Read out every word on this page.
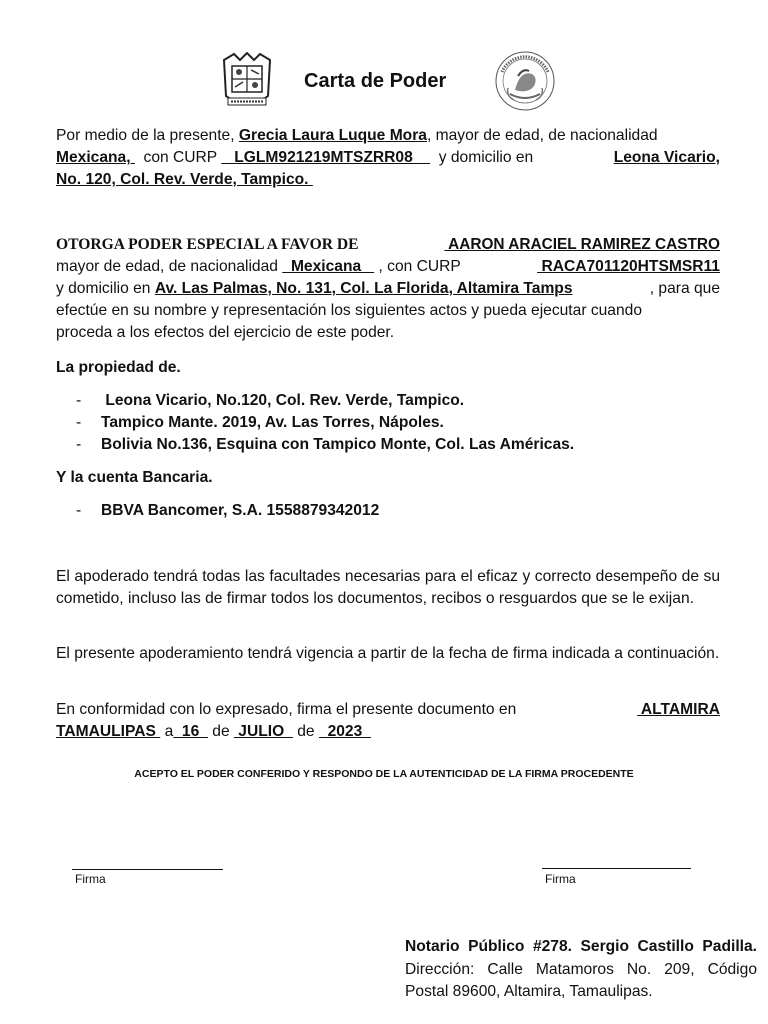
Carta de Poder
Por medio de la presente, Grecia Laura Luque Mora, mayor de edad, de nacionalidad
Mexicana,   con CURP    LGLM921219MTSZRR08      y domicilio en	Leona Vicario,
No. 120, Col. Rev. Verde, Tampico.
OTORGA PODER ESPECIAL A FAVOR DE	AARON ARACIEL RAMIREZ CASTRO
mayor de edad, de nacionalidad   Mexicana    , con CURP	RACA701120HTSMSR11
y domicilio en Av. Las Palmas, No. 131, Col. La Florida, Altamira Tamps	, para que
efectúe en su nombre y representación los siguientes actos y pueda ejecutar cuando
proceda a los efectos del ejercicio de este poder.
La propiedad de.
- Leona Vicario, No.120, Col. Rev. Verde, Tampico.
- Tampico Mante. 2019, Av. Las Torres, Nápoles.
- Bolivia No.136, Esquina con Tampico Monte, Col. Las Américas.
Y la cuenta Bancaria.
- BBVA Bancomer, S.A. 1558879342012
El apoderado tendrá todas las facultades necesarias para el eficaz y correcto desempeño de su cometido, incluso las de firmar todos los documentos, recibos o resguardos que se le exijan.
El presente apoderamiento tendrá vigencia a partir de la fecha de firma indicada a continuación.
En conformidad con lo expresado, firma el presente documento en	ALTAMIRA
TAMAULIPAS  a  16   de  JULIO   de   2023
ACEPTO EL PODER CONFERIDO Y RESPONDO DE LA AUTENTICIDAD DE LA FIRMA PROCEDENTE
Firma	Firma
Notario Público #278. Sergio Castillo Padilla. Dirección: Calle Matamoros No. 209, Código Postal 89600, Altamira, Tamaulipas.
